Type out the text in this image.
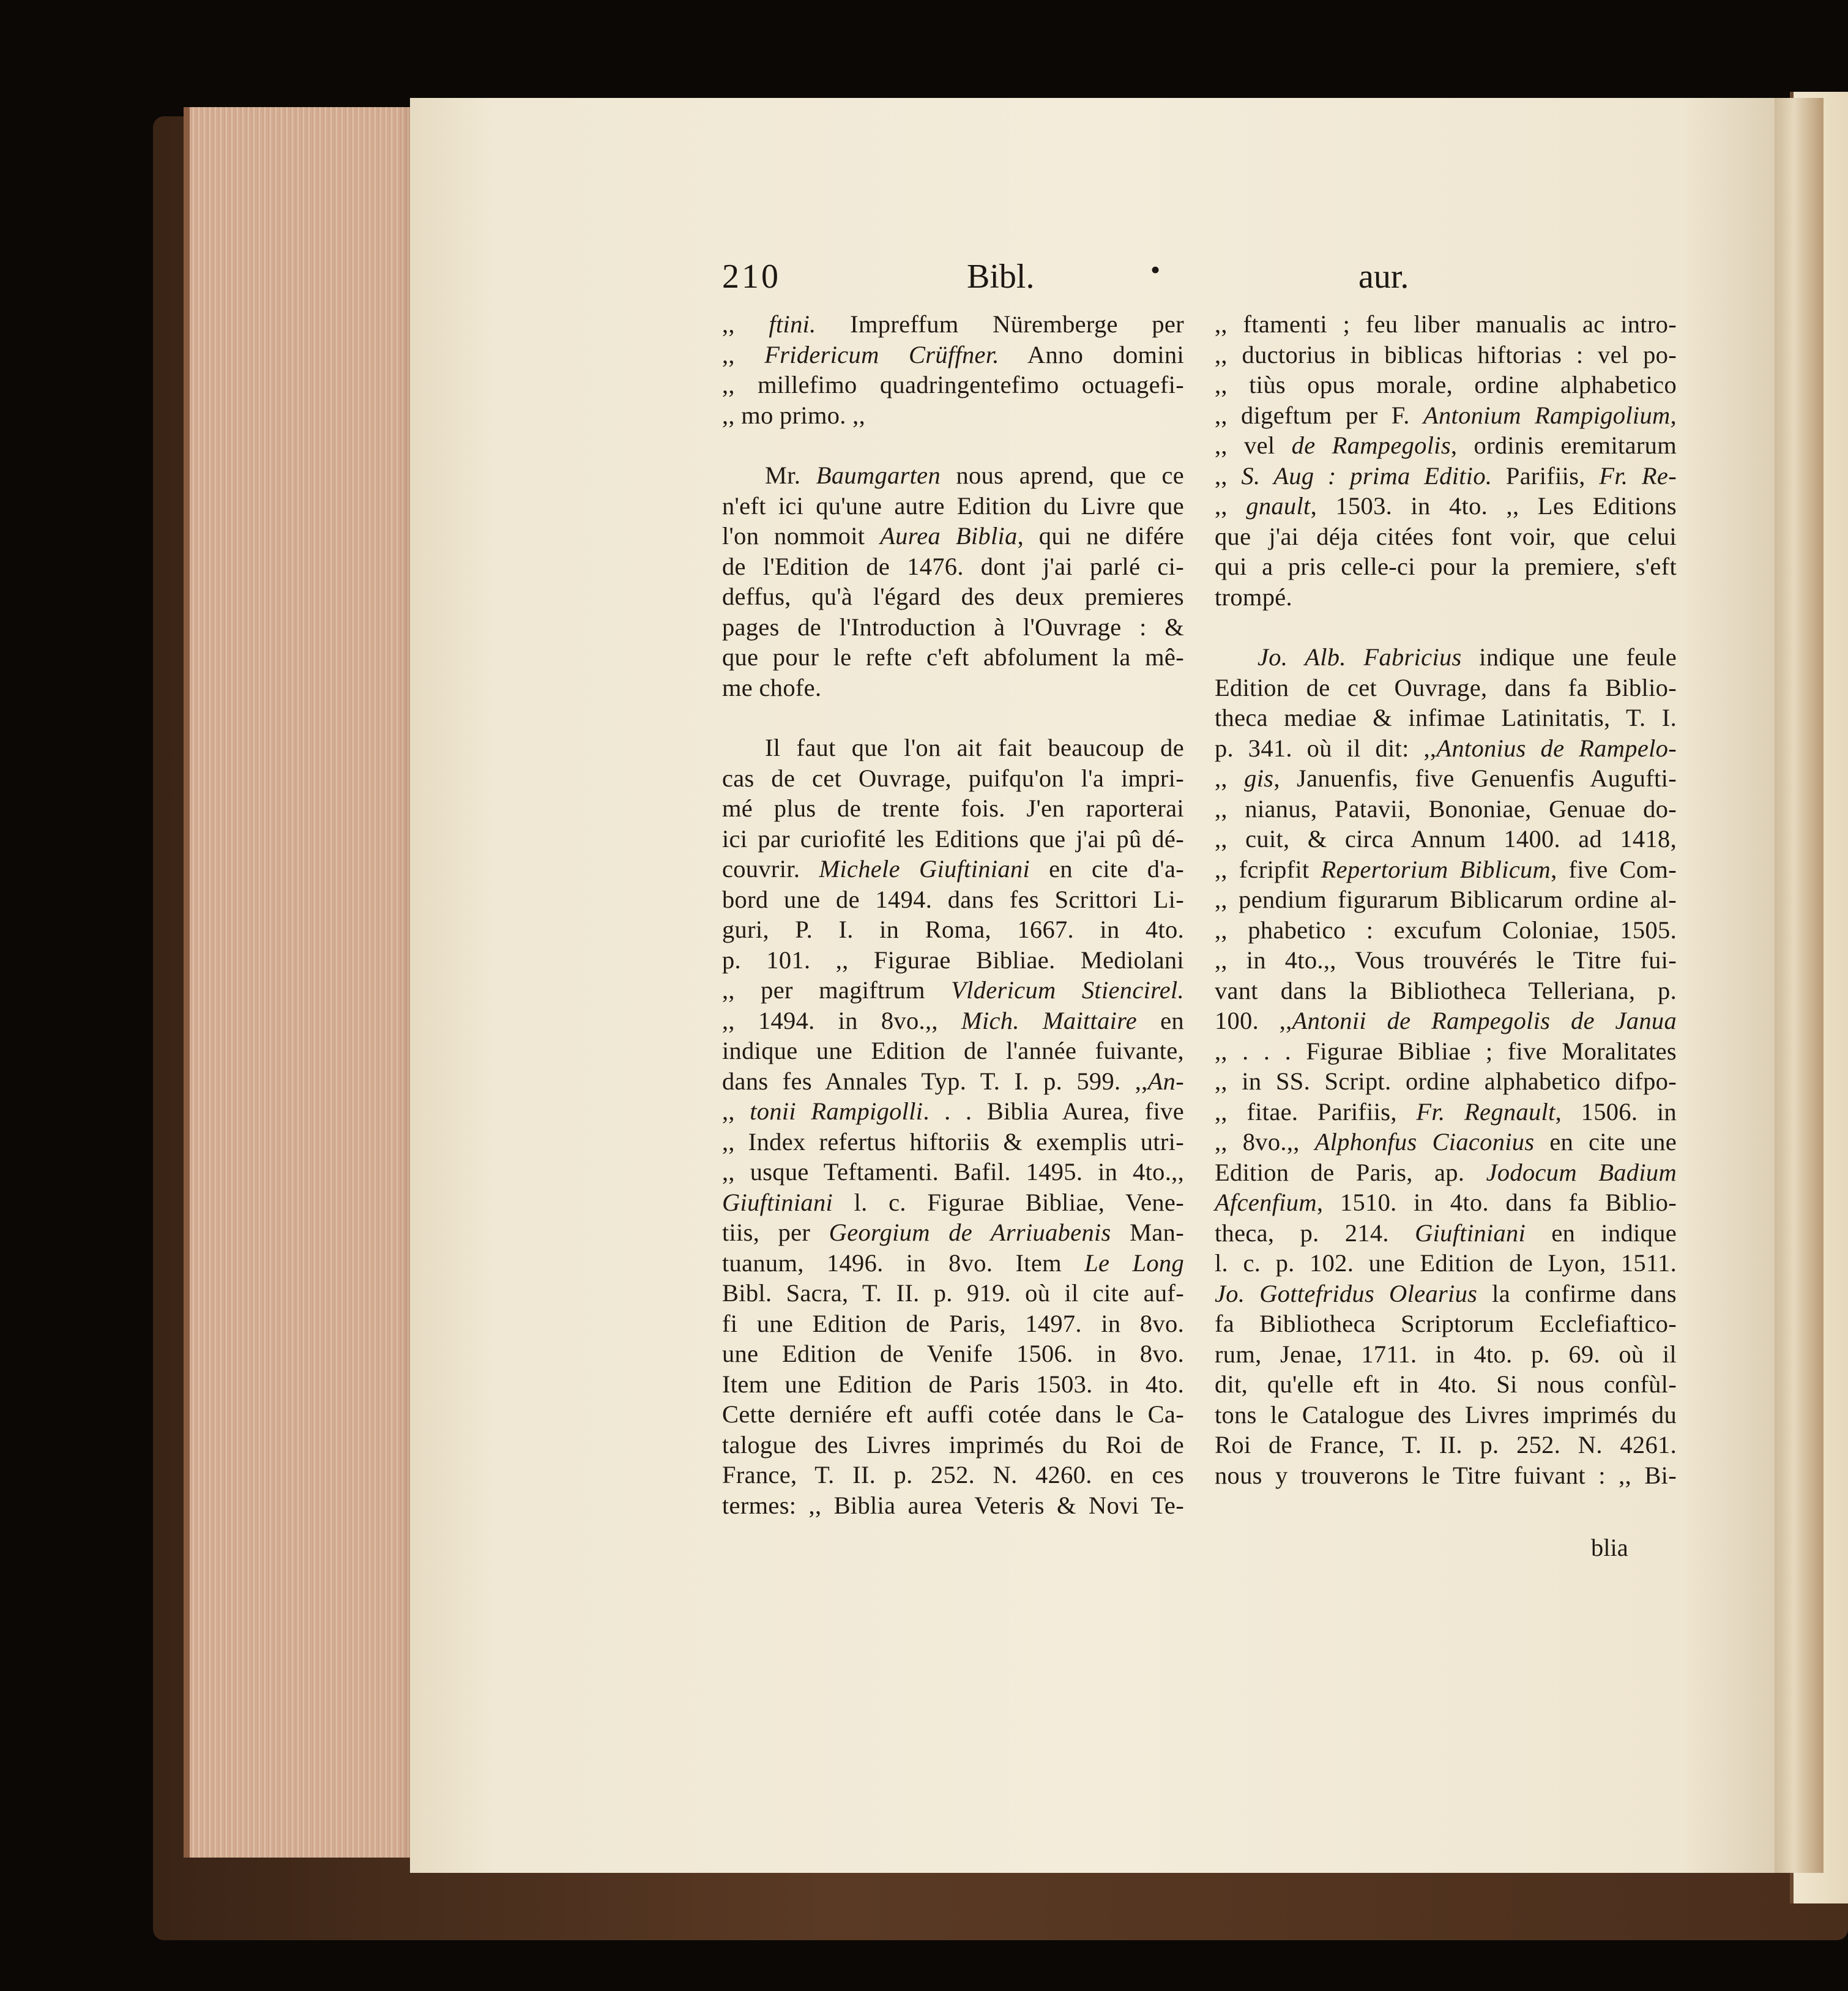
210	Bibl.	•	aur.

,, ftini. Impreffum Nüremberge per

,, Fridericum Crüffner. Anno domini

,, millefimo quadringentefimo octuagefi-

,, mo primo. ,,

Mr. Baumgarten nous aprend, que ce

n'eft ici qu'une autre Edition du Livre que

l'on nommoit Aurea Biblia, qui ne difére

de l'Edition de 1476. dont j'ai parlé ci-

deffus, qu'à l'égard des deux premieres

pages de l'Introduction à l'Ouvrage : &

que pour le refte c'eft abfolument la mê-

me chofe.

Il faut que l'on ait fait beaucoup de

cas de cet Ouvrage, puifqu'on l'a impri-

mé plus de trente fois. J'en raporterai

ici par curiofité les Editions que j'ai pû dé-

couvrir. Michele Giuftiniani en cite d'a-

bord une de 1494. dans fes Scrittori Li-

guri, P. I. in Roma, 1667. in 4to.

p. 101. ,, Figurae Bibliae. Mediolani

,, per magiftrum Vldericum Stiencirel.

,, 1494. in 8vo.,, Mich. Maittaire en

indique une Edition de l'année fuivante,

dans fes Annales Typ. T. I. p. 599. ,,An-

,, tonii Rampigolli. . . Biblia Aurea, five

,, Index refertus hiftoriis & exemplis utri-

,, usque Teftamenti. Bafil. 1495. in 4to.,,

Giuftiniani l. c. Figurae Bibliae, Vene-

tiis, per Georgium de Arriuabenis Man-

tuanum, 1496. in 8vo. Item Le Long

Bibl. Sacra, T. II. p. 919. où il cite auf-

fi une Edition de Paris, 1497. in 8vo.

une Edition de Venife 1506. in 8vo.

Item une Edition de Paris 1503. in 4to.

Cette derniére eft auffi cotée dans le Ca-

talogue des Livres imprimés du Roi de

France, T. II. p. 252. N. 4260. en ces

termes: ,, Biblia aurea Veteris & Novi Te-

,, ftamenti ; feu liber manualis ac intro-

,, ductorius in biblicas hiftorias : vel po-

,, tiùs opus morale, ordine alphabetico

,, digeftum per F. Antonium Rampigolium,

,, vel de Rampegolis, ordinis eremitarum

,, S. Aug : prima Editio. Parifiis, Fr. Re-

,, gnault, 1503. in 4to. ,, Les Editions

que j'ai déja citées font voir, que celui

qui a pris celle-ci pour la premiere, s'eft

trompé.

Jo. Alb. Fabricius indique une feule

Edition de cet Ouvrage, dans fa Biblio-

theca mediae & infimae Latinitatis, T. I.

p. 341. où il dit: ,,Antonius de Rampelo-

,, gis, Januenfis, five Genuenfis Augufti-

,, nianus, Patavii, Bononiae, Genuae do-

,, cuit, & circa Annum 1400. ad 1418,

,, fcripfit Repertorium Biblicum, five Com-

,, pendium figurarum Biblicarum ordine al-

,, phabetico : excufum Coloniae, 1505.

,, in 4to.,, Vous trouvérés le Titre fui-

vant dans la Bibliotheca Telleriana, p.

100. ,,Antonii de Rampegolis de Janua

,, . . . Figurae Bibliae ; five Moralitates

,, in SS. Script. ordine alphabetico difpo-

,, fitae. Parifiis, Fr. Regnault, 1506. in

,, 8vo.,, Alphonfus Ciaconius en cite une

Edition de Paris, ap. Jodocum Badium

Afcenfium, 1510. in 4to. dans fa Biblio-

theca, p. 214. Giuftiniani en indique

l. c. p. 102. une Edition de Lyon, 1511.

Jo. Gottefridus Olearius la confirme dans

fa Bibliotheca Scriptorum Ecclefiaftico-

rum, Jenae, 1711. in 4to. p. 69. où il

dit, qu'elle eft in 4to. Si nous confùl-

tons le Catalogue des Livres imprimés du

Roi de France, T. II. p. 252. N. 4261.

nous y trouverons le Titre fuivant : ,, Bi-

blia
